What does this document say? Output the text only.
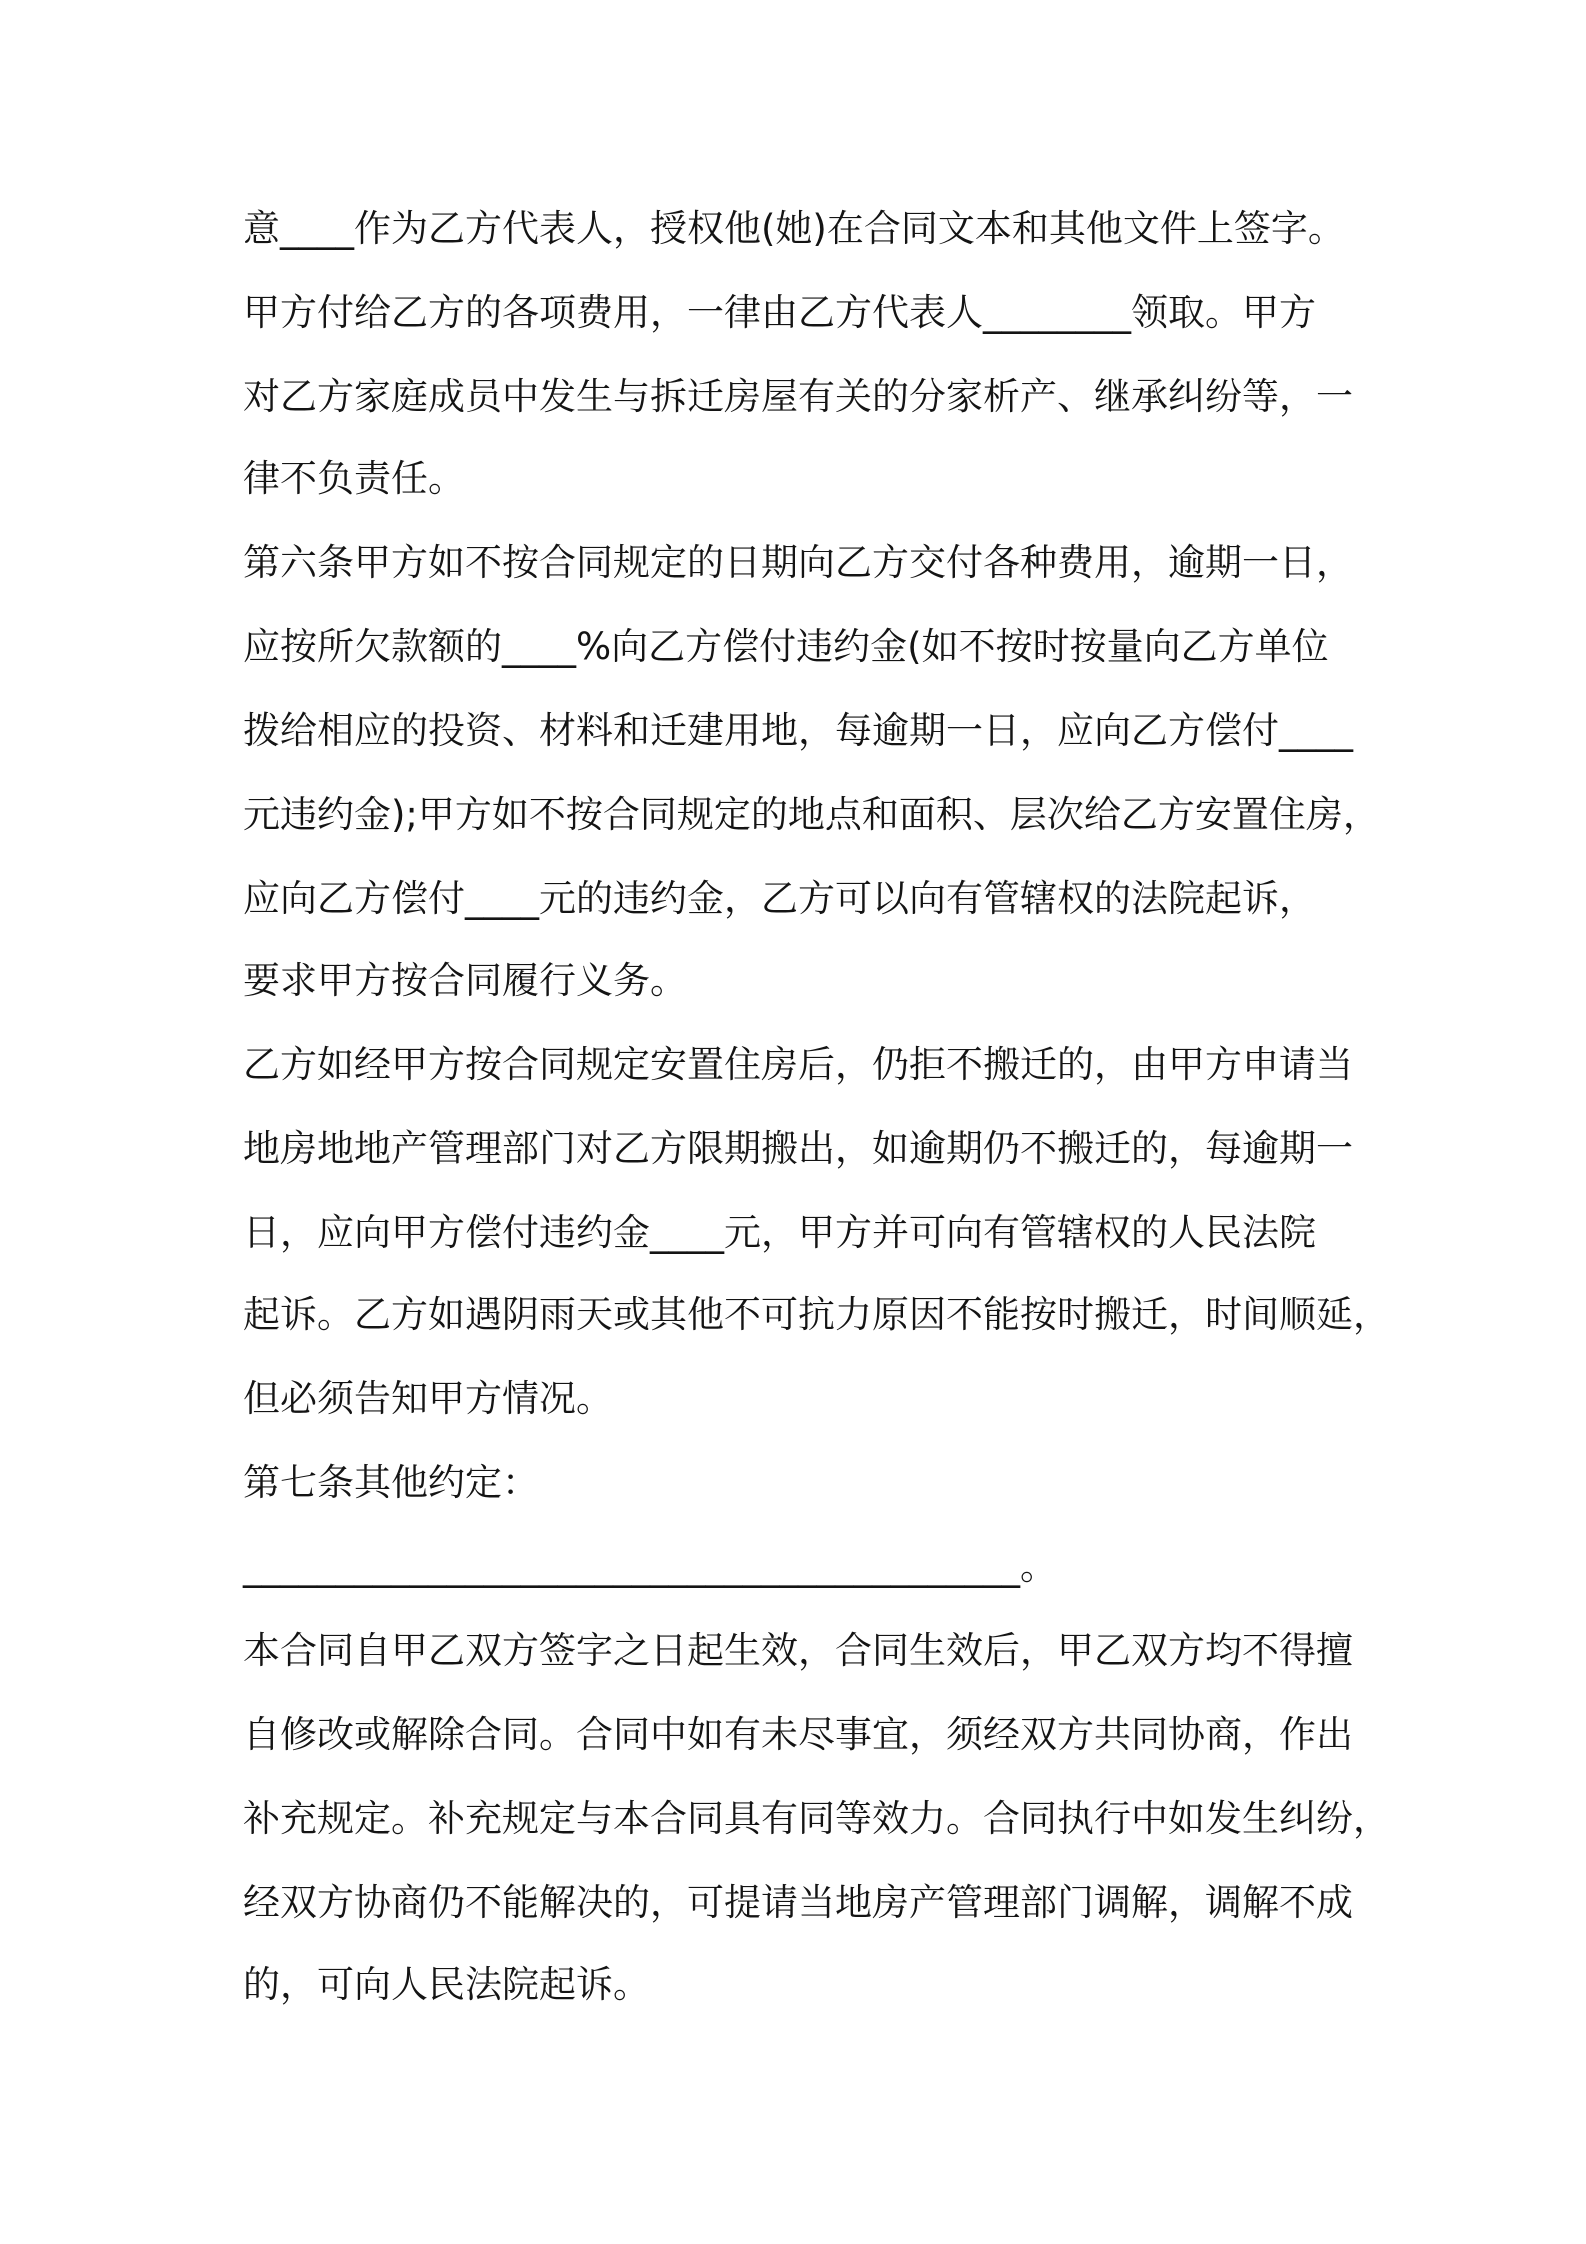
意____作为乙方代表人，授权他(她)在合同文本和其他文件上签字。

甲方付给乙方的各项费用，一律由乙方代表人________领取。甲方

对乙方家庭成员中发生与拆迁房屋有关的分家析产、继承纠纷等，一

律不负责任。

第六条甲方如不按合同规定的日期向乙方交付各种费用，逾期一日，

应按所欠款额的____%向乙方偿付违约金(如不按时按量向乙方单位

拨给相应的投资、材料和迁建用地，每逾期一日，应向乙方偿付____

元违约金);甲方如不按合同规定的地点和面积、层次给乙方安置住房，

应向乙方偿付____元的违约金，乙方可以向有管辖权的法院起诉，

要求甲方按合同履行义务。

乙方如经甲方按合同规定安置住房后，仍拒不搬迁的，由甲方申请当

地房地地产管理部门对乙方限期搬出，如逾期仍不搬迁的，每逾期一

日，应向甲方偿付违约金____元，甲方并可向有管辖权的人民法院

起诉。乙方如遇阴雨天或其他不可抗力原因不能按时搬迁，时间顺延，

但必须告知甲方情况。

第七条其他约定：

__________________________________________。

本合同自甲乙双方签字之日起生效，合同生效后，甲乙双方均不得擅

自修改或解除合同。合同中如有未尽事宜，须经双方共同协商，作出

补充规定。补充规定与本合同具有同等效力。合同执行中如发生纠纷，

经双方协商仍不能解决的，可提请当地房产管理部门调解，调解不成

的，可向人民法院起诉。
